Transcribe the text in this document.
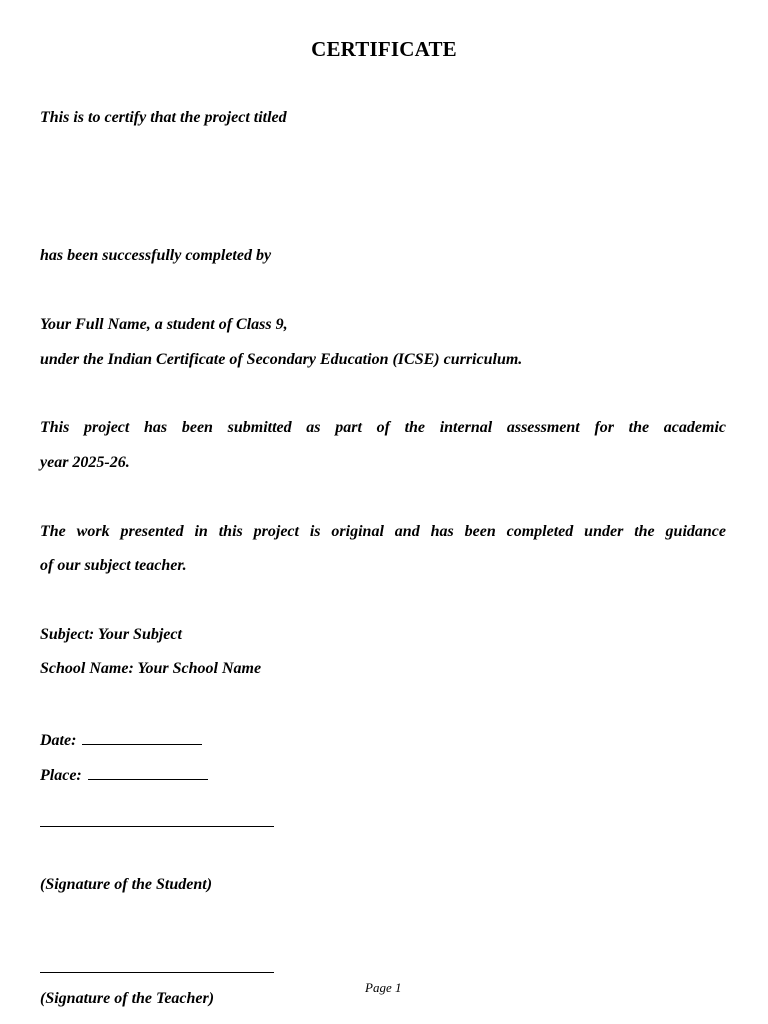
CERTIFICATE
This is to certify that the project titled
has been successfully completed by
Your Full Name, a student of Class 9,
under the Indian Certificate of Secondary Education (ICSE) curriculum.
This project has been submitted as part of the internal assessment for the academic
year 2025-26.
The work presented in this project is original and has been completed under the guidance
of our subject teacher.
Subject: Your Subject
School Name: Your School Name
Date:
Place:
(Signature of the Student)
(Signature of the Teacher)
Page 1
